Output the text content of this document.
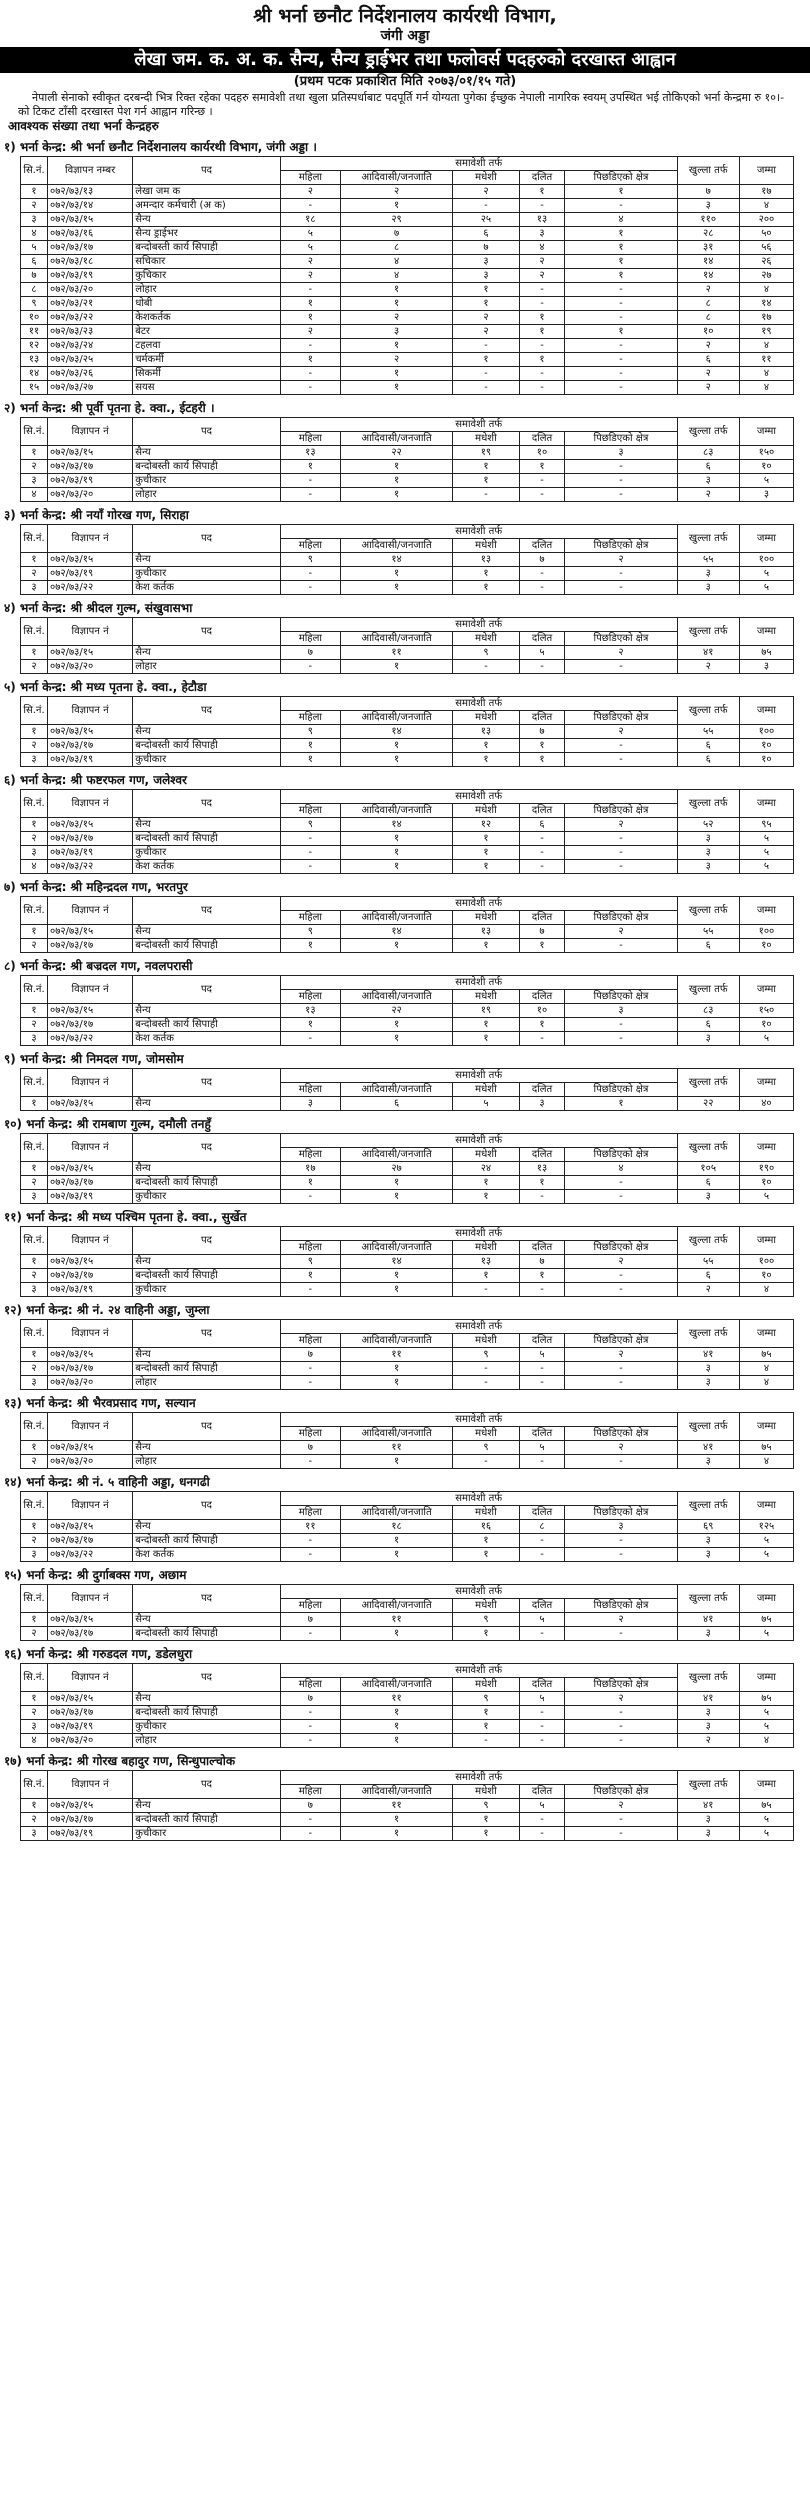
श्री भर्ना छनौट निर्देशनालय कार्यरथी विभाग,
जंगी अड्डा
लेखा जम. क. अ. क. सैन्य, सैन्य ड्राईभर तथा फलोवर्स पदहरुको दरखास्त आह्वान
(प्रथम पटक प्रकाशित मिति २०७३/०१/१५ गते)
नेपाली सेनाको स्वीकृत दरबन्दी भित्र रिक्त रहेका पदहरु समावेशी तथा खुला प्रतिस्पर्धाबाट पदपूर्ति गर्न योग्यता पुगेका ईच्छुक नेपाली नागरिक स्वयम् उपस्थित भई तोकिएको भर्ना केन्द्रमा रु १०।- को टिकट टाँसी दरखास्त पेश गर्न आह्वान गरिन्छ ।
आवश्यक संख्या तथा भर्ना केन्द्रहरु
१) भर्ना केन्द्र: श्री भर्ना छनौट निर्देशनालय कार्यरथी विभाग, जंगी अड्डा ।
सि.नं.	विज्ञापन नम्बर	पद	समावेशी तर्फ					खुल्ला तर्फ	जम्मा
			महिला	आदिवासी/जनजाति	मधेशी	दलित	पिछडिएको क्षेत्र		
१	०७२/७३/१३	लेखा जम क	२	२	२	१	१	७	१७
२	०७२/७३/१४	अमन्दार कर्मचारी (अ क)	-	१	-	-	-	३	४
३	०७२/७३/१५	सैन्य	१८	२९	२५	१३	४	११०	२००
४	०७२/७३/१६	सैन्य ड्राईभर	५	७	६	३	१	२८	५०
५	०७२/७३/१७	बन्दोबस्ती कार्य सिपाही	५	८	७	४	१	३१	५६
६	०७२/७३/१८	सचिकार	२	४	३	२	१	१४	२६
७	०७२/७३/१९	कुचिकार	२	४	३	२	१	१४	२७
८	०७२/७३/२०	लोहार	-	१	१	-	-	२	४
९	०७२/७३/२१	धोबी	१	१	१	-	-	८	१४
१०	०७२/७३/२२	केशकर्तक	१	२	२	१	-	८	१७
११	०७२/७३/२३	बेटर	२	३	२	१	१	१०	१९
१२	०७२/७३/२४	टहलवा	-	१	-	-	-	२	४
१३	०७२/७३/२५	चर्मकर्मी	१	२	१	१	-	६	११
१४	०७२/७३/२६	सिकर्मी	-	१	-	-	-	२	४
१५	०७२/७३/२७	सयस	-	१	-	-	-	२	४
२) भर्ना केन्द्र: श्री पूर्वी पृतना हे. क्वा., ईटहरी ।
सि.नं.	विज्ञापन नं	पद	समावेशी तर्फ					खुल्ला तर्फ	जम्मा
			महिला	आदिवासी/जनजाति	मधेशी	दलित	पिछडिएको क्षेत्र		
१	०७२/७३/१५	सैन्य	१३	२२	१९	१०	३	८३	१५०
२	०७२/७३/१७	बन्दोबस्ती कार्य सिपाही	१	१	१	१	-	६	१०
३	०७२/७३/१९	कुचीकार	-	१	१	-	-	३	५
४	०७२/७३/२०	लोहार	-	१	-	-	-	२	३
३) भर्ना केन्द्र: श्री नयाँ गोरख गण, सिराहा
सि.नं.	विज्ञापन नं	पद	समावेशी तर्फ					खुल्ला तर्फ	जम्मा
			महिला	आदिवासी/जनजाति	मधेशी	दलित	पिछडिएको क्षेत्र		
१	०७२/७३/१५	सैन्य	९	१४	१३	७	२	५५	१००
२	०७२/७३/१९	कुचीकार	-	१	१	-	-	३	५
३	०७२/७३/२२	केश कर्तक	-	१	१	-	-	३	५
४) भर्ना केन्द्र: श्री श्रीदल गुल्म, संखुवासभा
सि.नं.	विज्ञापन नं	पद	समावेशी तर्फ					खुल्ला तर्फ	जम्मा
			महिला	आदिवासी/जनजाति	मधेशी	दलित	पिछडिएको क्षेत्र		
१	०७२/७३/१५	सैन्य	७	११	९	५	२	४१	७५
२	०७२/७३/२०	लोहार	-	१	-	-	-	२	३
५) भर्ना केन्द्र: श्री मध्य पृतना हे. क्वा., हेटौडा
सि.नं.	विज्ञापन नं	पद	समावेशी तर्फ					खुल्ला तर्फ	जम्मा
			महिला	आदिवासी/जनजाति	मधेशी	दलित	पिछडिएको क्षेत्र		
१	०७२/७३/१५	सैन्य	९	१४	१३	७	२	५५	१००
२	०७२/७३/१७	बन्दोबस्ती कार्य सिपाही	१	१	१	१	-	६	१०
३	०७२/७३/१९	कुचीकार	१	१	१	१	-	६	१०
६) भर्ना केन्द्र: श्री फष्टरफल गण, जलेश्वर
सि.नं.	विज्ञापन नं	पद	समावेशी तर्फ					खुल्ला तर्फ	जम्मा
			महिला	आदिवासी/जनजाति	मधेशी	दलित	पिछडिएको क्षेत्र		
१	०७२/७३/१५	सैन्य	९	१४	१२	६	२	५२	९५
२	०७२/७३/१७	बन्दोबस्ती कार्य सिपाही	-	१	१	-	-	३	५
३	०७२/७३/१९	कुचीकार	-	१	१	-	-	३	५
४	०७२/७३/२२	केश कर्तक	-	१	१	-	-	३	५
७) भर्ना केन्द्र: श्री महिन्द्रदल गण, भरतपुर
सि.नं.	विज्ञापन नं	पद	समावेशी तर्फ					खुल्ला तर्फ	जम्मा
			महिला	आदिवासी/जनजाति	मधेशी	दलित	पिछडिएको क्षेत्र		
१	०७२/७३/१५	सैन्य	९	१४	१३	७	२	५५	१००
२	०७२/७३/१७	बन्दोबस्ती कार्य सिपाही	१	१	१	१	-	६	१०
८) भर्ना केन्द्र: श्री बज्रदल गण, नवलपरासी
सि.नं.	विज्ञापन नं	पद	समावेशी तर्फ					खुल्ला तर्फ	जम्मा
			महिला	आदिवासी/जनजाति	मधेशी	दलित	पिछडिएको क्षेत्र		
१	०७२/७३/१५	सैन्य	१३	२२	१९	१०	३	८३	१५०
२	०७२/७३/१७	बन्दोबस्ती कार्य सिपाही	१	१	१	१	-	६	१०
३	०७२/७३/२२	केश कर्तक	-	१	१	-	-	३	५
९) भर्ना केन्द्र: श्री निमदल गण, जोमसोम
सि.नं.	विज्ञापन नं	पद	समावेशी तर्फ					खुल्ला तर्फ	जम्मा
			महिला	आदिवासी/जनजाति	मधेशी	दलित	पिछडिएको क्षेत्र		
१	०७२/७३/१५	सैन्य	३	६	५	३	१	२२	४०
१०) भर्ना केन्द्र: श्री रामबाण गुल्म, दमौली तनहुँ
सि.नं.	विज्ञापन नं	पद	समावेशी तर्फ					खुल्ला तर्फ	जम्मा
			महिला	आदिवासी/जनजाति	मधेशी	दलित	पिछडिएको क्षेत्र		
१	०७२/७३/१५	सैन्य	१७	२७	२४	१३	४	१०५	१९०
२	०७२/७३/१७	बन्दोबस्ती कार्य सिपाही	१	१	१	१	-	६	१०
३	०७२/७३/१९	कुचीकार	-	१	१	-	-	३	५
११) भर्ना केन्द्र: श्री मध्य पश्चिम पृतना हे. क्वा., सुर्खेत
सि.नं.	विज्ञापन नं	पद	समावेशी तर्फ					खुल्ला तर्फ	जम्मा
			महिला	आदिवासी/जनजाति	मधेशी	दलित	पिछडिएको क्षेत्र		
१	०७२/७३/१५	सैन्य	९	१४	१३	७	२	५५	१००
२	०७२/७३/१७	बन्दोबस्ती कार्य सिपाही	१	१	१	१	-	६	१०
३	०७२/७३/१९	कुचीकार	-	१	-	-	-	२	४
१२) भर्ना केन्द्र: श्री नं. २४ वाहिनी अड्डा, जुम्ला
सि.नं.	विज्ञापन नं	पद	समावेशी तर्फ					खुल्ला तर्फ	जम्मा
			महिला	आदिवासी/जनजाति	मधेशी	दलित	पिछडिएको क्षेत्र		
१	०७२/७३/१५	सैन्य	७	११	९	५	२	४१	७५
२	०७२/७३/१७	बन्दोबस्ती कार्य सिपाही	-	१	-	-	-	३	४
३	०७२/७३/२०	लोहार	-	१	-	-	-	३	४
१३) भर्ना केन्द्र: श्री भैरवप्रसाद गण, सल्यान
सि.नं.	विज्ञापन नं	पद	समावेशी तर्फ					खुल्ला तर्फ	जम्मा
			महिला	आदिवासी/जनजाति	मधेशी	दलित	पिछडिएको क्षेत्र		
१	०७२/७३/१५	सैन्य	७	११	९	५	२	४१	७५
२	०७२/७३/२०	लोहार	-	१	-	-	-	३	४
१४) भर्ना केन्द्र: श्री नं. ५ वाहिनी अड्डा, धनगढी
सि.नं.	विज्ञापन नं	पद	समावेशी तर्फ					खुल्ला तर्फ	जम्मा
			महिला	आदिवासी/जनजाति	मधेशी	दलित	पिछडिएको क्षेत्र		
१	०७२/७३/१५	सैन्य	११	१८	१६	८	३	६९	१२५
२	०७२/७३/१७	बन्दोबस्ती कार्य सिपाही	-	१	१	-	-	३	५
३	०७२/७३/२२	केश कर्तक	-	१	१	-	-	३	५
१५) भर्ना केन्द्र: श्री दुर्गाबक्स गण, अछाम
सि.नं.	विज्ञापन नं	पद	समावेशी तर्फ					खुल्ला तर्फ	जम्मा
			महिला	आदिवासी/जनजाति	मधेशी	दलित	पिछडिएको क्षेत्र		
१	०७२/७३/१५	सैन्य	७	११	९	५	२	४१	७५
२	०७२/७३/१७	बन्दोबस्ती कार्य सिपाही	-	१	१	-	-	३	५
१६) भर्ना केन्द्र: श्री गरुडदल गण, डडेलधुरा
सि.नं.	विज्ञापन नं	पद	समावेशी तर्फ					खुल्ला तर्फ	जम्मा
			महिला	आदिवासी/जनजाति	मधेशी	दलित	पिछडिएको क्षेत्र		
१	०७२/७३/१५	सैन्य	७	११	९	५	२	४१	७५
२	०७२/७३/१७	बन्दोबस्ती कार्य सिपाही	-	१	१	-	-	३	५
३	०७२/७३/१९	कुचीकार	-	१	१	-	-	३	५
४	०७२/७३/२०	लोहार	-	१	-	-	-	२	४
१७) भर्ना केन्द्र: श्री गोरख बहादुर गण, सिन्धुपाल्चोक
सि.नं.	विज्ञापन नं	पद	समावेशी तर्फ					खुल्ला तर्फ	जम्मा
			महिला	आदिवासी/जनजाति	मधेशी	दलित	पिछडिएको क्षेत्र		
१	०७२/७३/१५	सैन्य	७	११	९	५	२	४१	७५
२	०७२/७३/१७	बन्दोबस्ती कार्य सिपाही	-	१	१	-	-	३	५
३	०७२/७३/१९	कुचीकार	-	१	१	-	-	३	५
